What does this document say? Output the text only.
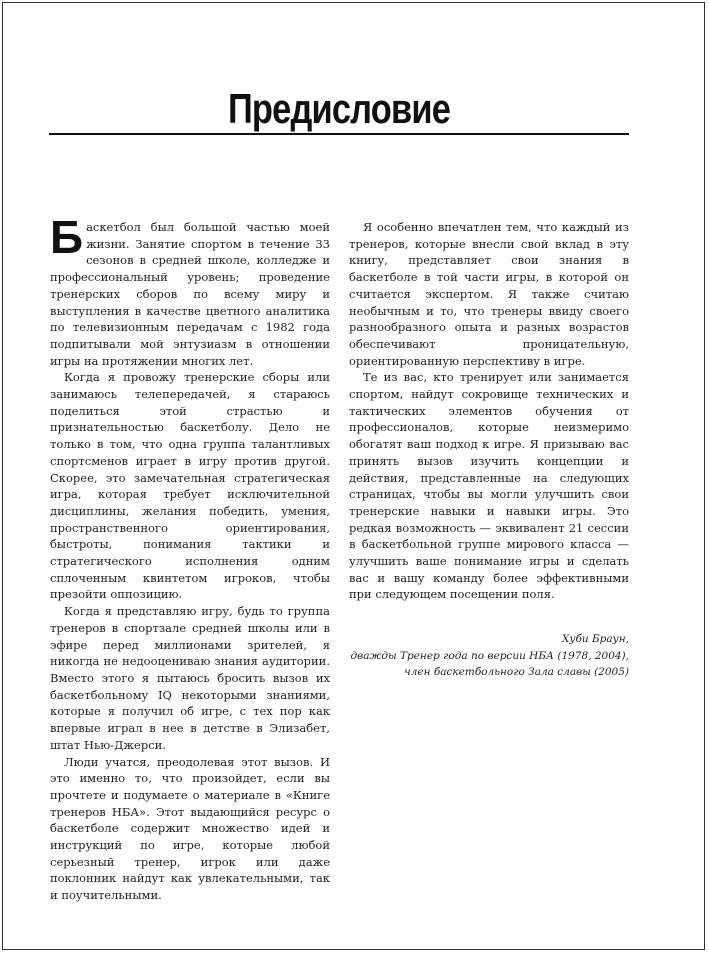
Предисловие

Баскетбол был большой частью моей жизни. Занятие спортом в течение 33 сезонов в средней школе, колледже и профессиональный уровень; проведение тренерских сборов по всему миру и выступления в качестве цветного аналитика по телевизионным передачам с 1982 года подпитывали мой энтузиазм в отношении игры на протяжении многих лет.

Когда я провожу тренерские сборы или занимаюсь телепередачей, я стараюсь поделиться этой страстью и признательностью баскетболу. Дело не только в том, что одна группа талантливых спортсменов играет в игру против другой. Скорее, это замечательная стратегическая игра, которая требует исключительной дисциплины, желания победить, умения, пространственного ориентирования, быстроты, понимания тактики и стратегического исполнения одним сплоченным квинтетом игроков, чтобы презойти оппозицию.

Когда я представляю игру, будь то группа тренеров в спортзале средней школы или в эфире перед миллионами зрителей, я никогда не недооцениваю знания аудитории. Вместо этого я пытаюсь бросить вызов их баскетбольному IQ некоторыми знаниями, которые я получил об игре, с тех пор как впервые играл в нее в детстве в Элизабет, штат Нью-Джерси.

Люди учатся, преодолевая этот вызов. И это именно то, что произойдет, если вы прочтете и подумаете о материале в «Книге тренеров НБА». Этот выдающийся ресурс о баскетболе содержит множество идей и инструкций по игре, которые любой серьезный тренер, игрок или даже поклонник найдут как увлекательными, так и поучительными.

Я особенно впечатлен тем, что каждый из тренеров, которые внесли свой вклад в эту книгу, представляет свои знания в баскетболе в той части игры, в которой он считается экспертом. Я также считаю необычным и то, что тренеры ввиду своего разнообразного опыта и разных возрастов обеспечивают проницательную, ориентированную перспективу в игре.

Те из вас, кто тренирует или занимается спортом, найдут сокровище технических и тактических элементов обучения от профессионалов, которые неизмеримо обогатят ваш подход к игре. Я призываю вас принять вызов изучить концепции и действия, представленные на следующих страницах, чтобы вы могли улучшить свои тренерские навыки и навыки игры. Это редкая возможность — эквивалент 21 сессии в баскетбольной группе мирового класса — улучшить ваше понимание игры и сделать вас и вашу команду более эффективными при следующем посещении поля.

Хуби Браун,
дважды Тренер года по версии НБА (1978, 2004),
член баскетбольного Зала славы (2005)
